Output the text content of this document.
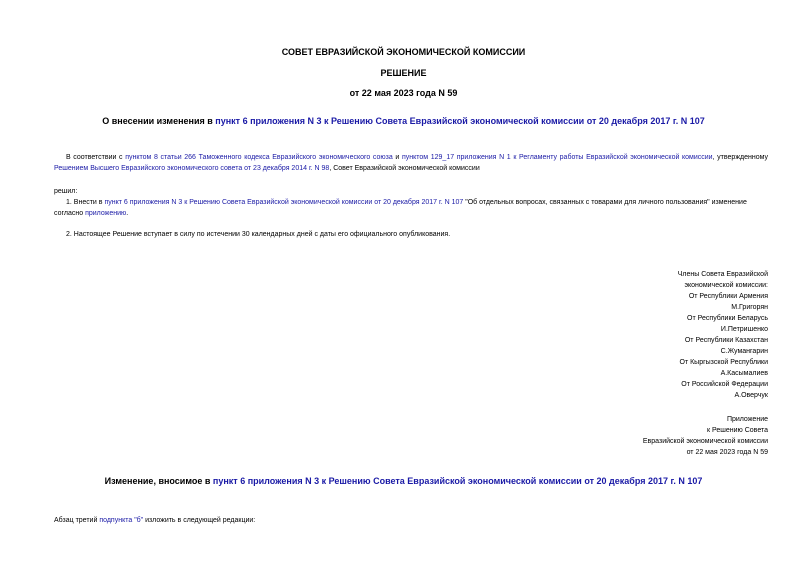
СОВЕТ ЕВРАЗИЙСКОЙ ЭКОНОМИЧЕСКОЙ КОМИССИИ
РЕШЕНИЕ
от 22 мая 2023 года N 59
О внесении изменения в пункт 6 приложения N 3 к Решению Совета Евразийской экономической комиссии от 20 декабря 2017 г. N 107
В соответствии с пунктом 8 статьи 266 Таможенного кодекса Евразийского экономического союза и пунктом 129_17 приложения N 1 к Регламенту работы Евразийской экономической комиссии, утвержденному Решением Высшего Евразийского экономического совета от 23 декабря 2014 г. N 98, Совет Евразийской экономической комиссии
решил:
1. Внести в пункт 6 приложения N 3 к Решению Совета Евразийской экономической комиссии от 20 декабря 2017 г. N 107 "Об отдельных вопросах, связанных с товарами для личного пользования" изменение согласно приложению.
2. Настоящее Решение вступает в силу по истечении 30 календарных дней с даты его официального опубликования.
Члены Совета Евразийской
экономической комиссии:
От Республики Армения
М.Григорян
От Республики Беларусь
И.Петришенко
От Республики Казахстан
С.Жумангарин
От Кыргызской Республики
А.Касымалиев
От Российской Федерации
А.Оверчук
Приложение
к Решению Совета
Евразийской экономической комиссии
от 22 мая 2023 года N 59
Изменение, вносимое в пункт 6 приложения N 3 к Решению Совета Евразийской экономической комиссии от 20 декабря 2017 г. N 107
Абзац третий подпункта "б" изложить в следующей редакции:
